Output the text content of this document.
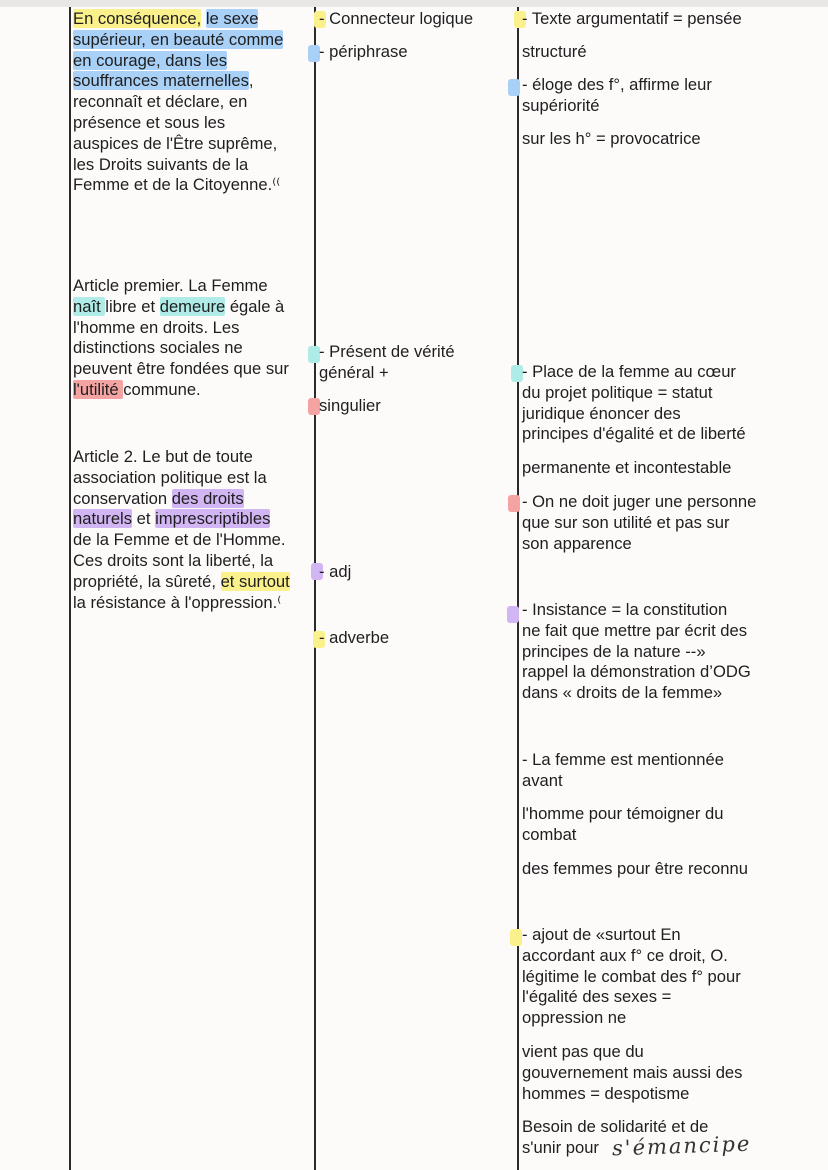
En conséquence, le sexe
supérieur, en beauté comme
en courage, dans les
souffrances maternelles,
reconnaît et déclare, en
présence et sous les
auspices de l'Être suprême,
les Droits suivants de la
Femme et de la Citoyenne.⁽⁽
Article premier. La Femme
naît libre et demeure égale à
l'homme en droits. Les
distinctions sociales ne
peuvent être fondées que sur
l'utilité commune.
Article 2. Le but de toute
association politique est la
conservation des droits
naturels et imprescriptibles
de la Femme et de l'Homme.
Ces droits sont la liberté, la
propriété, la sûreté, et surtout
la résistance à l'oppression.⁽
- Connecteur logique
- périphrase
- Présent de vérité
général +
singulier
- adj
- adverbe
- Texte argumentatif = pensée
structuré
- éloge des f°, affirme leur
supériorité
sur les h° = provocatrice
- Place de la femme au cœur
du projet politique = statut
juridique énoncer des
principes d'égalité et de liberté
permanente et incontestable
- On ne doit juger une personne
que sur son utilité et pas sur
son apparence
- Insistance = la constitution
ne fait que mettre par écrit des
principes de la nature --»
rappel la démonstration d’ODG
dans « droits de la femme»
- La femme est mentionnée
avant
l'homme pour témoigner du
combat
des femmes pour être reconnu
- ajout de «surtout En
accordant aux f° ce droit, O.
légitime le combat des f° pour
l'égalité des sexes =
oppression ne
vient pas que du
gouvernement mais aussi des
hommes = despotisme
Besoin de solidarité et de
s'unir pour s'émancipe
